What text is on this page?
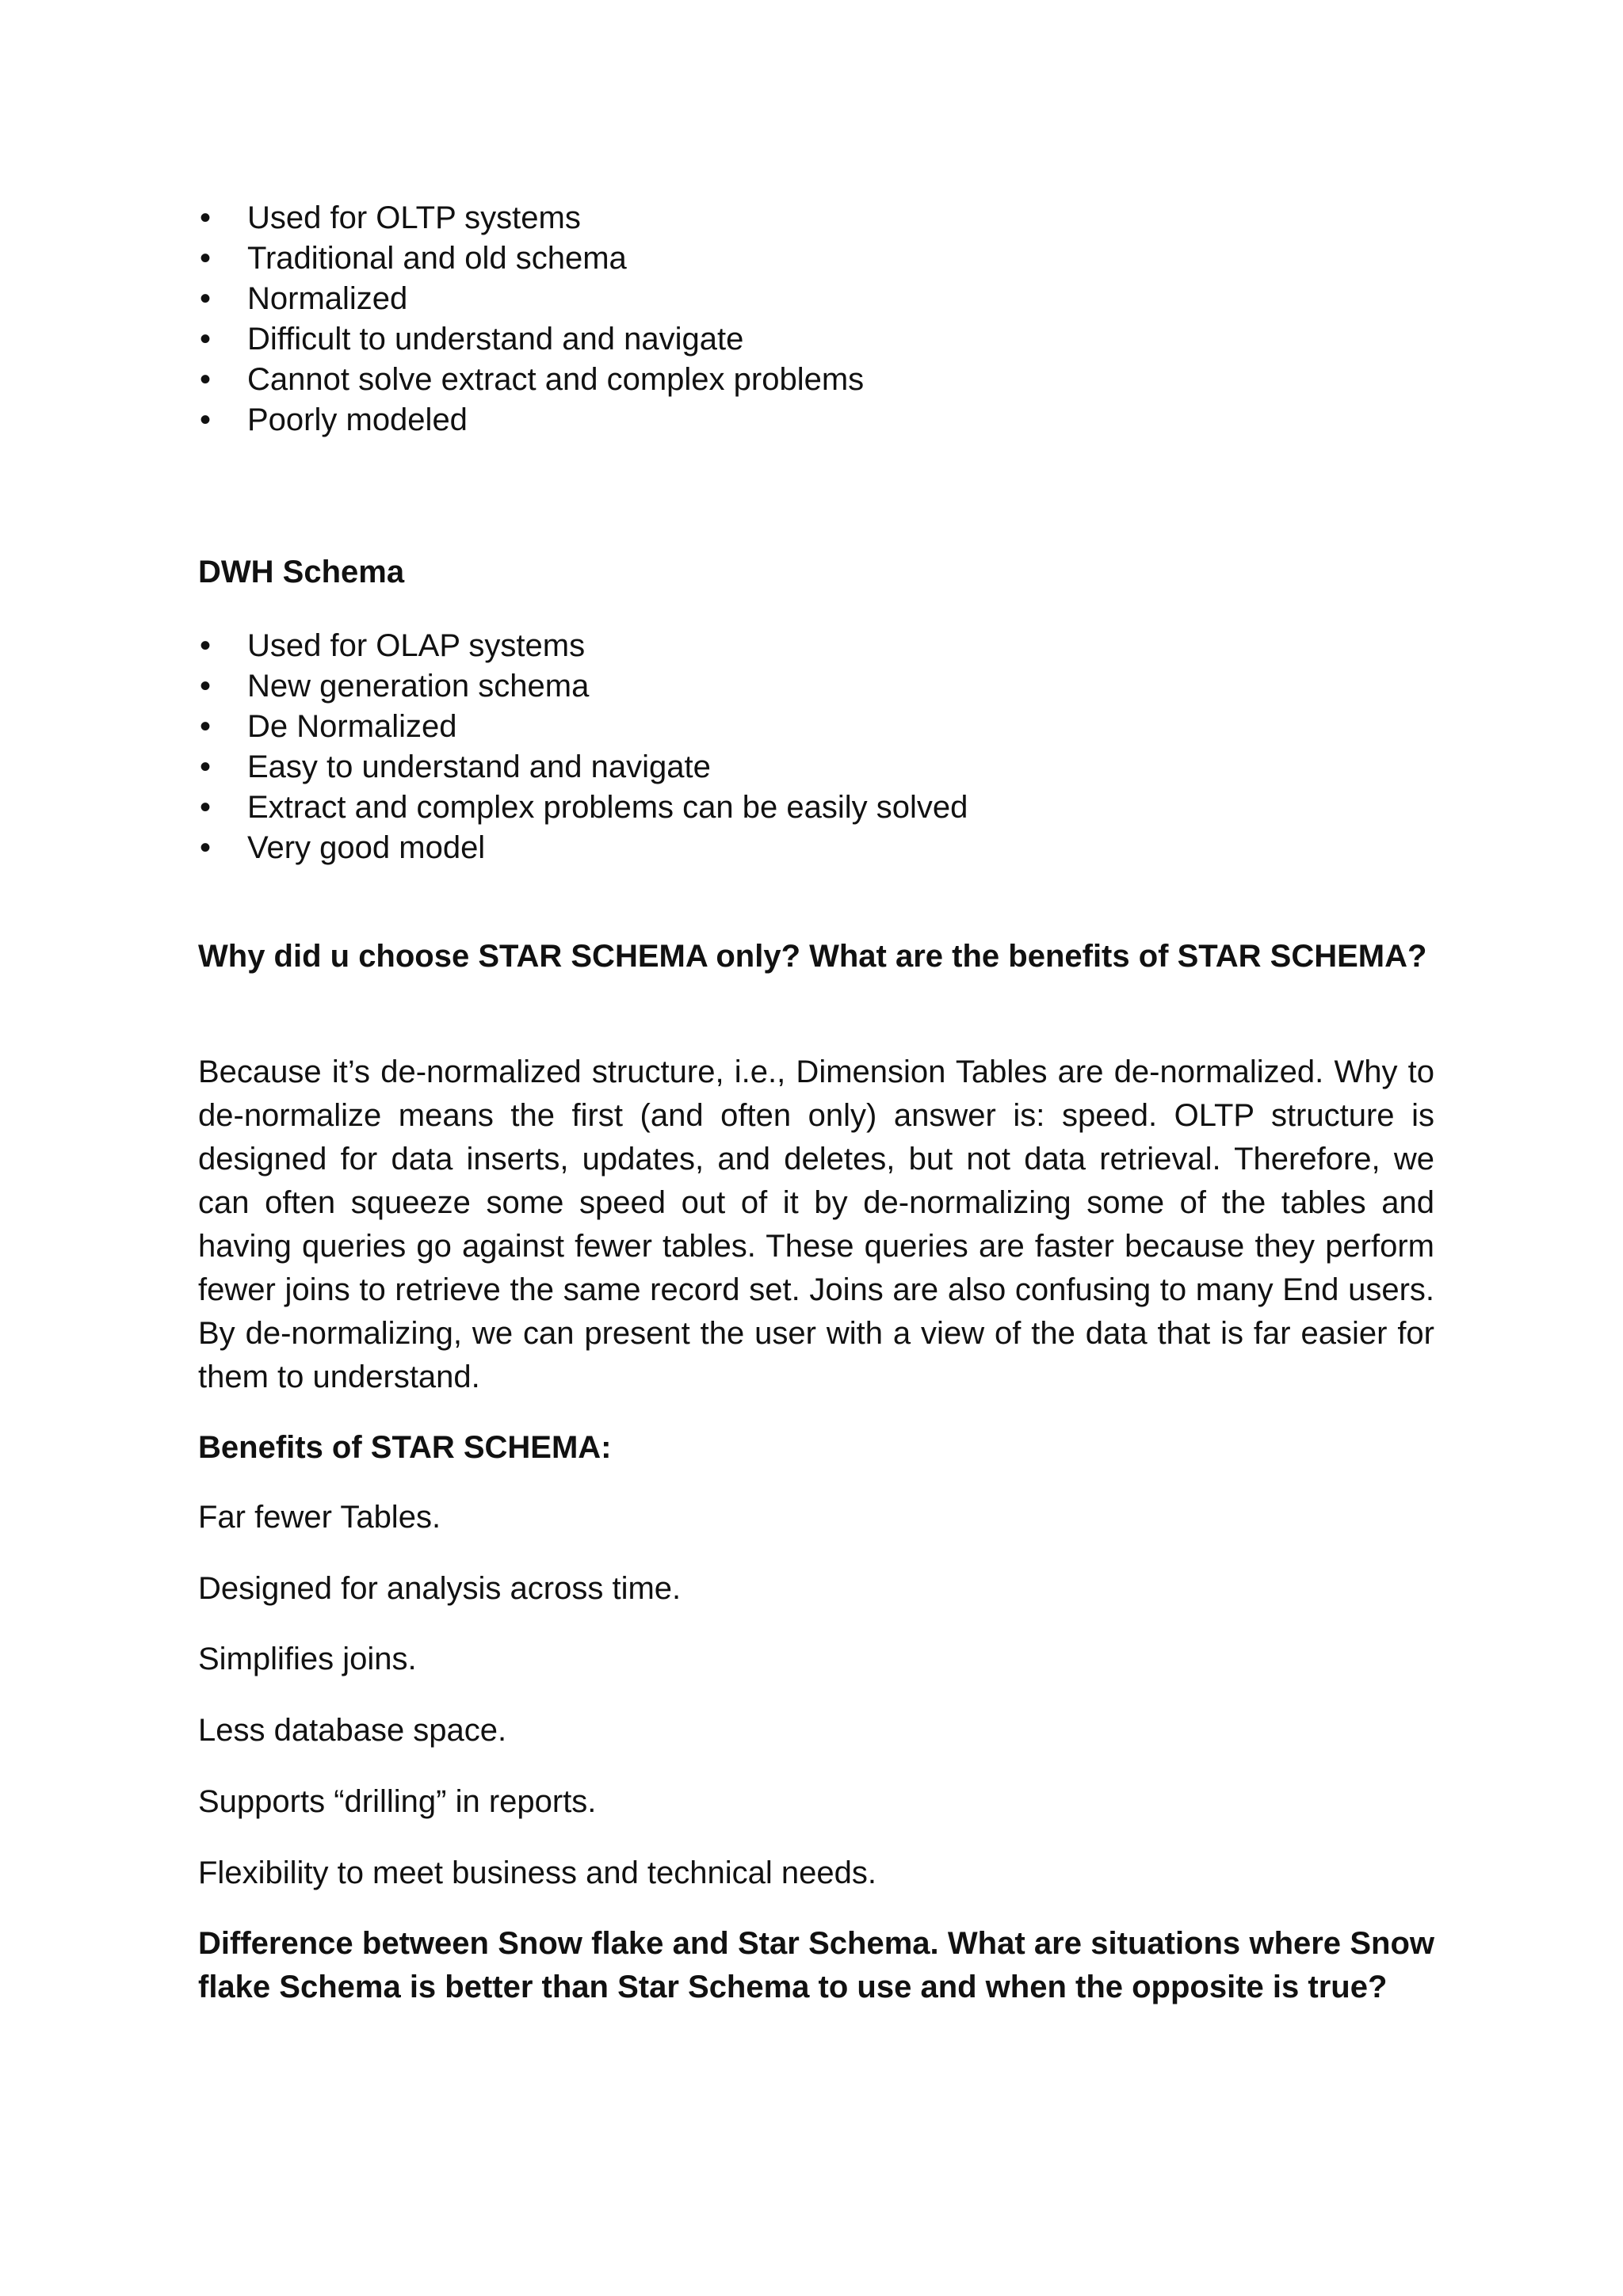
• Used for OLTP systems
• Traditional and old schema
• Normalized
• Difficult to understand and navigate
• Cannot solve extract and complex problems
• Poorly modeled
DWH Schema
• Used for OLAP systems
• New generation schema
• De Normalized
• Easy to understand and navigate
• Extract and complex problems can be easily solved
• Very good model
Why did u choose STAR SCHEMA only? What are the benefits of STAR SCHEMA?

Because it’s de-normalized structure, i.e., Dimension Tables are de-normalized. Why to de-normalize means the first (and often only) answer is: speed. OLTP structure is designed for data inserts, updates, and deletes, but not data retrieval. Therefore, we can often squeeze some speed out of it by de-normalizing some of the tables and having queries go against fewer tables. These queries are faster because they perform fewer joins to retrieve the same record set. Joins are also confusing to many End users. By de-normalizing, we can present the user with a view of the data that is far easier for them to understand.

Benefits of STAR SCHEMA:

Far fewer Tables.

Designed for analysis across time.

Simplifies joins.

Less database space.

Supports “drilling” in reports.

Flexibility to meet business and technical needs.

Difference between Snow flake and Star Schema. What are situations where Snow flake Schema is better than Star Schema to use and when the opposite is true?
